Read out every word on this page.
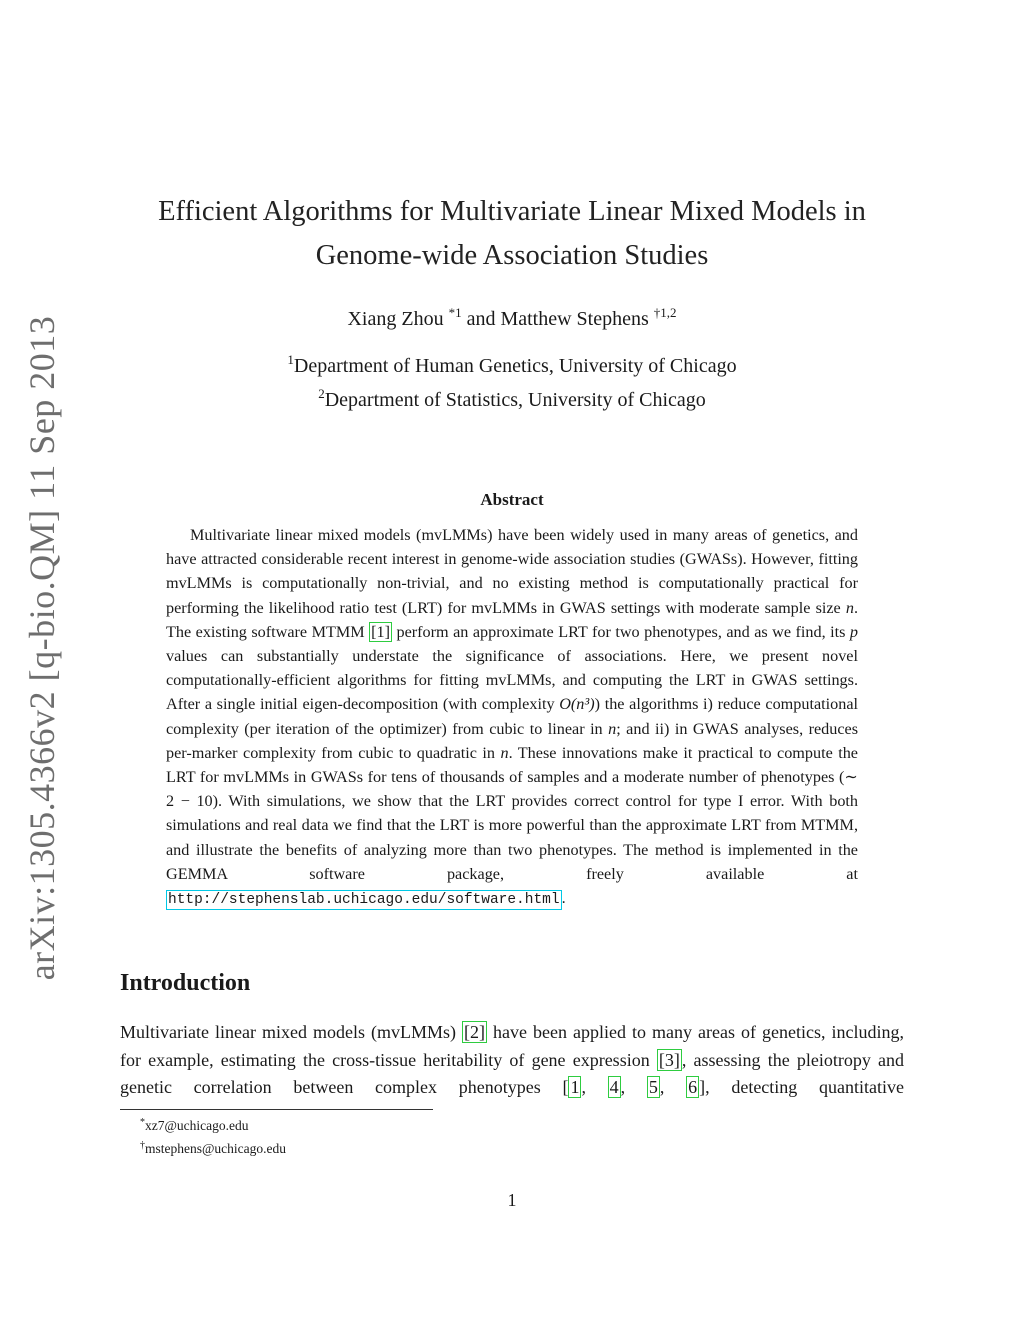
arXiv:1305.4366v2 [q-bio.QM] 11 Sep 2013
Efficient Algorithms for Multivariate Linear Mixed Models in
Genome-wide Association Studies
Xiang Zhou $^{*1}$ and Matthew Stephens $^{\dagger 1,2}$
$^1$Department of Human Genetics, University of Chicago
$^2$Department of Statistics, University of Chicago
Abstract
Multivariate linear mixed models (mvLMMs) have been widely used in many areas of genetics, and have attracted considerable recent interest in genome-wide association studies (GWASs). However, fitting mvLMMs is computationally non-trivial, and no existing method is computationally practical for performing the likelihood ratio test (LRT) for mvLMMs in GWAS settings with moderate sample size n. The existing software MTMM [1] perform an approximate LRT for two phenotypes, and as we find, its p values can substantially understate the significance of associations. Here, we present novel computationally-efficient algorithms for fitting mvLMMs, and computing the LRT in GWAS settings. After a single initial eigen-decomposition (with complexity O(n³)) the algorithms i) reduce computational complexity (per iteration of the optimizer) from cubic to linear in n; and ii) in GWAS analyses, reduces per-marker complexity from cubic to quadratic in n. These innovations make it practical to compute the LRT for mvLMMs in GWASs for tens of thousands of samples and a moderate number of phenotypes (∼ 2 − 10). With simulations, we show that the LRT provides correct control for type I error. With both simulations and real data we find that the LRT is more powerful than the approximate LRT from MTMM, and illustrate the benefits of analyzing more than two phenotypes. The method is implemented in the GEMMA software package, freely available at http://stephenslab.uchicago.edu/software.html .
Introduction
Multivariate linear mixed models (mvLMMs) [2] have been applied to many areas of genetics, including, for example, estimating the cross-tissue heritability of gene expression [3] , assessing the pleiotropy and genetic correlation between complex phenotypes [ 1 , 4 , 5 , 6 ], detecting quantitative
*xz7@uchicago.edu
†mstephens@uchicago.edu
1
